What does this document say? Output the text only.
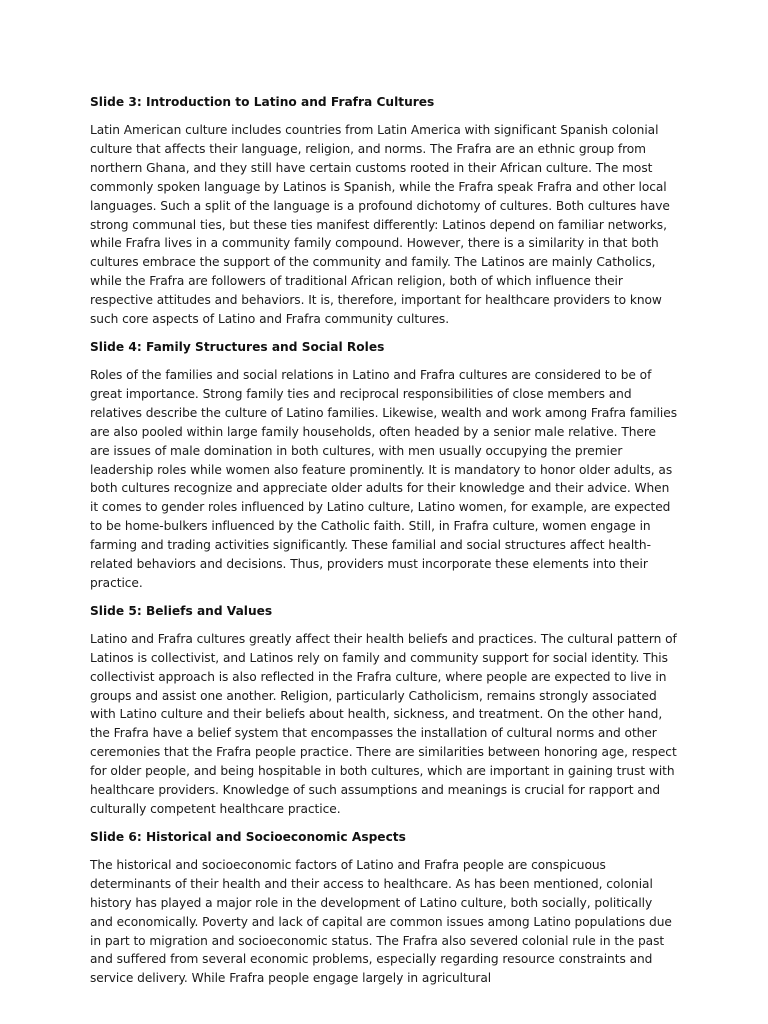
Slide 3: Introduction to Latino and Frafra Cultures
Latin American culture includes countries from Latin America with significant Spanish colonial culture that affects their language, religion, and norms. The Frafra are an ethnic group from northern Ghana, and they still have certain customs rooted in their African culture. The most commonly spoken language by Latinos is Spanish, while the Frafra speak Frafra and other local languages. Such a split of the language is a profound dichotomy of cultures. Both cultures have strong communal ties, but these ties manifest differently: Latinos depend on familiar networks, while Frafra lives in a community family compound. However, there is a similarity in that both cultures embrace the support of the community and family. The Latinos are mainly Catholics, while the Frafra are followers of traditional African religion, both of which influence their respective attitudes and behaviors. It is, therefore, important for healthcare providers to know such core aspects of Latino and Frafra community cultures.
Slide 4: Family Structures and Social Roles
Roles of the families and social relations in Latino and Frafra cultures are considered to be of great importance. Strong family ties and reciprocal responsibilities of close members and relatives describe the culture of Latino families. Likewise, wealth and work among Frafra families are also pooled within large family households, often headed by a senior male relative. There are issues of male domination in both cultures, with men usually occupying the premier leadership roles while women also feature prominently. It is mandatory to honor older adults, as both cultures recognize and appreciate older adults for their knowledge and their advice. When it comes to gender roles influenced by Latino culture, Latino women, for example, are expected to be home-bulkers influenced by the Catholic faith. Still, in Frafra culture, women engage in farming and trading activities significantly. These familial and social structures affect health-related behaviors and decisions. Thus, providers must incorporate these elements into their practice.
Slide 5: Beliefs and Values
Latino and Frafra cultures greatly affect their health beliefs and practices. The cultural pattern of Latinos is collectivist, and Latinos rely on family and community support for social identity. This collectivist approach is also reflected in the Frafra culture, where people are expected to live in groups and assist one another. Religion, particularly Catholicism, remains strongly associated with Latino culture and their beliefs about health, sickness, and treatment. On the other hand, the Frafra have a belief system that encompasses the installation of cultural norms and other ceremonies that the Frafra people practice. There are similarities between honoring age, respect for older people, and being hospitable in both cultures, which are important in gaining trust with healthcare providers. Knowledge of such assumptions and meanings is crucial for rapport and culturally competent healthcare practice.
Slide 6: Historical and Socioeconomic Aspects
The historical and socioeconomic factors of Latino and Frafra people are conspicuous determinants of their health and their access to healthcare. As has been mentioned, colonial history has played a major role in the development of Latino culture, both socially, politically and economically. Poverty and lack of capital are common issues among Latino populations due in part to migration and socioeconomic status. The Frafra also severed colonial rule in the past and suffered from several economic problems, especially regarding resource constraints and service delivery. While Frafra people engage largely in agricultural
